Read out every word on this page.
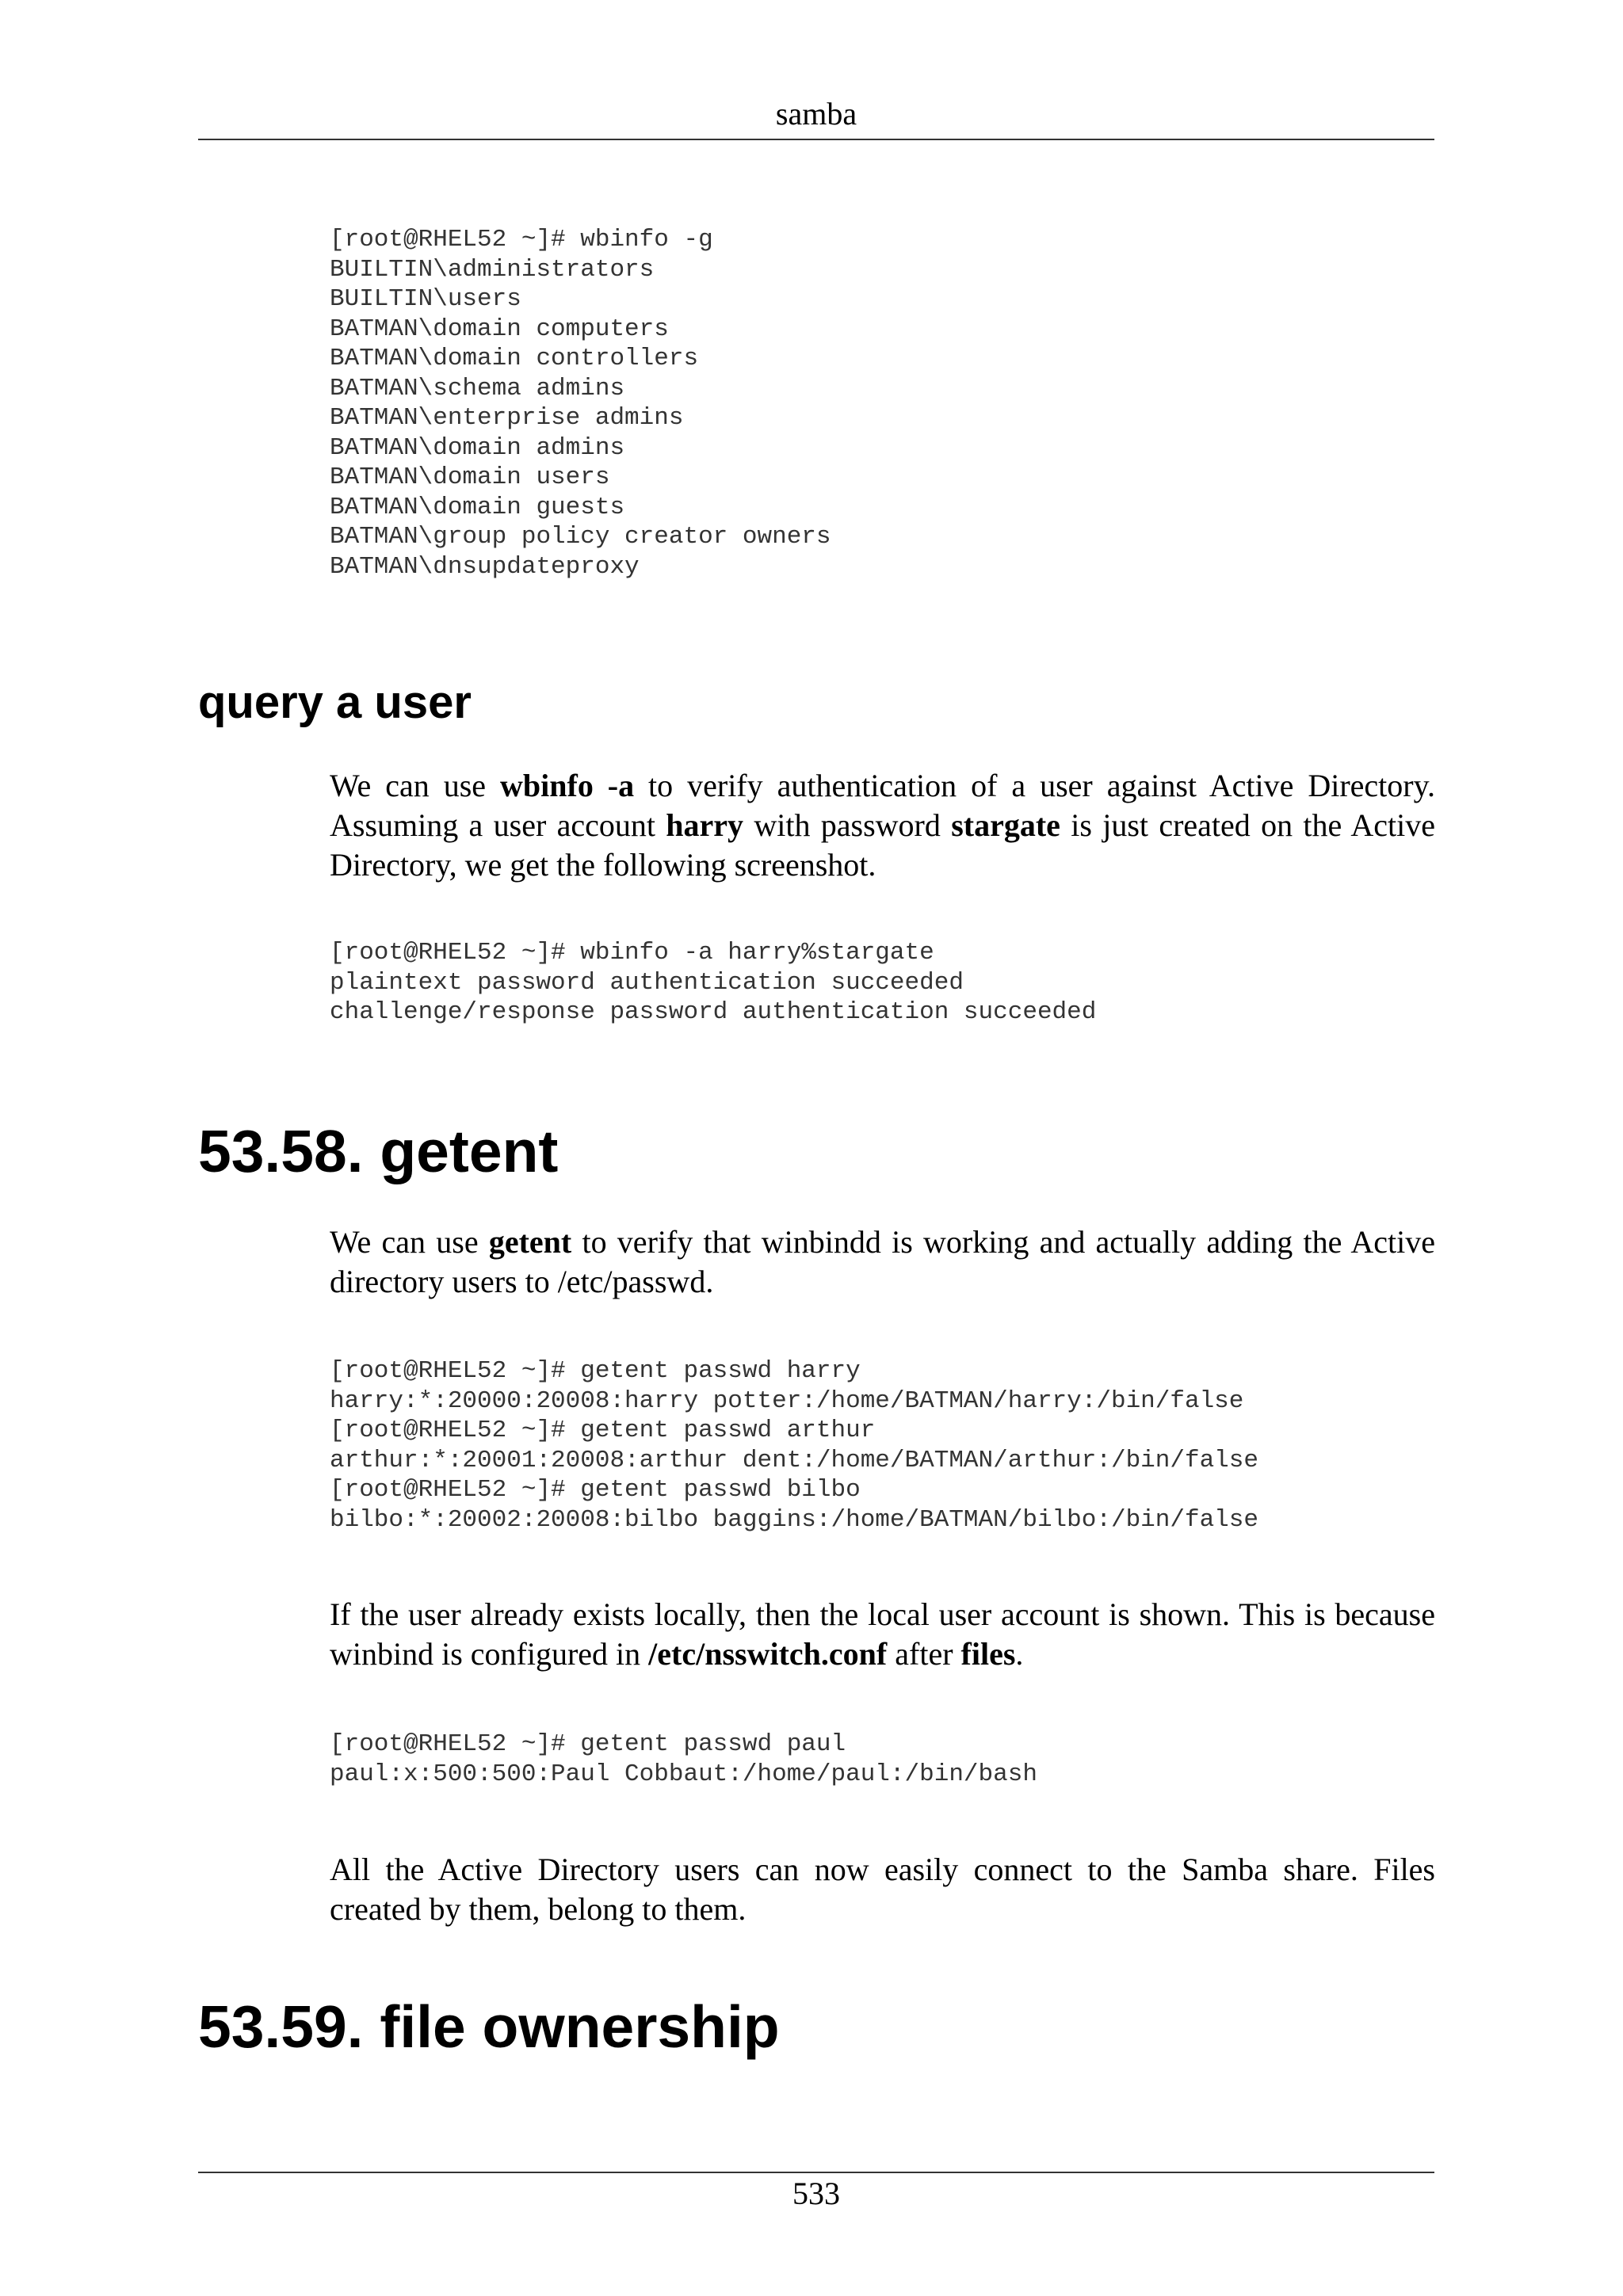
samba
[root@RHEL52 ~]# wbinfo -g
BUILTIN\administrators
BUILTIN\users
BATMAN\domain computers
BATMAN\domain controllers
BATMAN\schema admins
BATMAN\enterprise admins
BATMAN\domain admins
BATMAN\domain users
BATMAN\domain guests
BATMAN\group policy creator owners
BATMAN\dnsupdateproxy
query a user

We can use wbinfo -a to verify authentication of a user against Active Directory. Assuming a user account harry with password stargate is just created on the Active Directory, we get the following screenshot.

[root@RHEL52 ~]# wbinfo -a harry%stargate
plaintext password authentication succeeded
challenge/response password authentication succeeded
53.58. getent

We can use getent to verify that winbindd is working and actually adding the Active directory users to /etc/passwd.

[root@RHEL52 ~]# getent passwd harry
harry:*:20000:20008:harry potter:/home/BATMAN/harry:/bin/false
[root@RHEL52 ~]# getent passwd arthur
arthur:*:20001:20008:arthur dent:/home/BATMAN/arthur:/bin/false
[root@RHEL52 ~]# getent passwd bilbo
bilbo:*:20002:20008:bilbo baggins:/home/BATMAN/bilbo:/bin/false

If the user already exists locally, then the local user account is shown. This is because winbind is configured in /etc/nsswitch.conf after files.

[root@RHEL52 ~]# getent passwd paul
paul:x:500:500:Paul Cobbaut:/home/paul:/bin/bash

All the Active Directory users can now easily connect to the Samba share. Files created by them, belong to them.

53.59. file ownership
533
